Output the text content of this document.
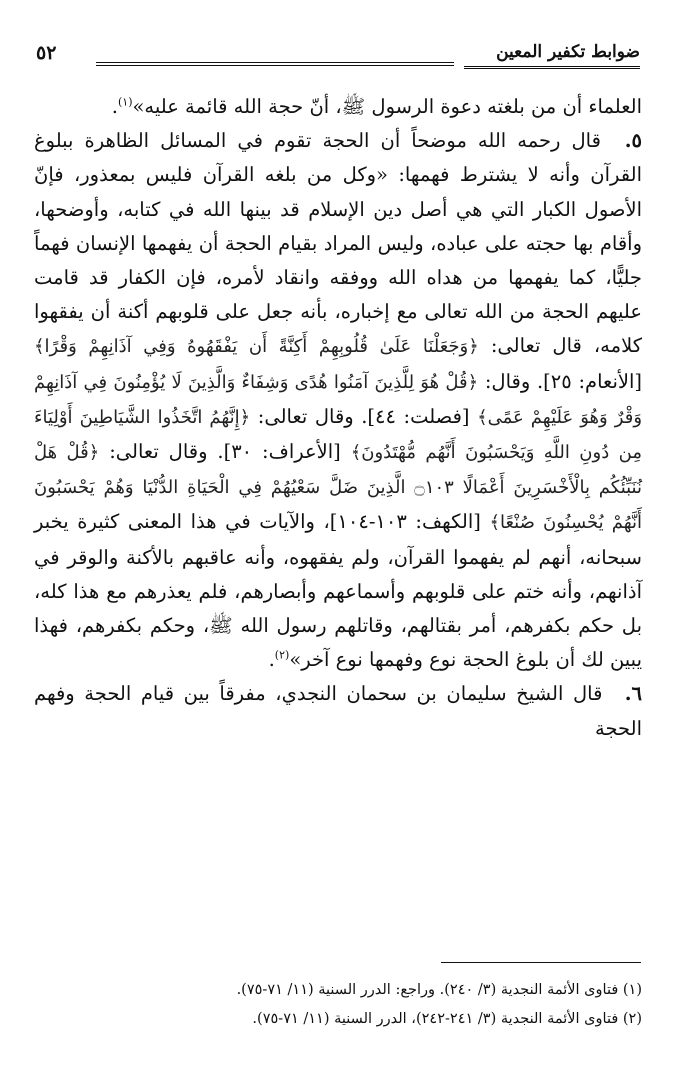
ضوابط تكفير المعين
٥٢

العلماء أن من بلغته دعوة الرسول ﷺ، أنّ حجة الله قائمة عليه»$^{(١)}$.

٥. قال رحمه الله موضحاً أن الحجة تقوم في المسائل الظاهرة ببلوغ القرآن وأنه لا يشترط فهمها: «وكل من بلغه القرآن فليس بمعذور، فإنّ الأصول الكبار التي هي أصل دين الإسلام قد بينها الله في كتابه، وأوضحها، وأقام بها حجته على عباده، وليس المراد بقيام الحجة أن يفهمها الإنسان فهماً جليًّا، كما يفهمها من هداه الله ووفقه وانقاد لأمره، فإن الكفار قد قامت عليهم الحجة من الله تعالى مع إخباره، بأنه جعل على قلوبهم أكنة أن يفقهوا كلامه، قال تعالى: ﴿وَجَعَلْنَا عَلَىٰ قُلُوبِهِمْ أَكِنَّةً أَن يَفْقَهُوهُ وَفِي آذَانِهِمْ وَقْرًا﴾ [الأنعام: ٢٥]. وقال: ﴿قُلْ هُوَ لِلَّذِينَ آمَنُوا هُدًى وَشِفَاءٌ وَالَّذِينَ لَا يُؤْمِنُونَ فِي آذَانِهِمْ وَقْرٌ وَهُوَ عَلَيْهِمْ عَمًى﴾ [فصلت: ٤٤]. وقال تعالى: ﴿إِنَّهُمُ اتَّخَذُوا الشَّيَاطِينَ أَوْلِيَاءَ مِن دُونِ اللَّهِ وَيَحْسَبُونَ أَنَّهُم مُّهْتَدُونَ﴾ [الأعراف: ٣٠]. وقال تعالى: ﴿قُلْ هَلْ نُنَبِّئُكُم بِالْأَخْسَرِينَ أَعْمَالًا ۝١٠٣ الَّذِينَ ضَلَّ سَعْيُهُمْ فِي الْحَيَاةِ الدُّنْيَا وَهُمْ يَحْسَبُونَ أَنَّهُمْ يُحْسِنُونَ صُنْعًا﴾ [الكهف: ١٠٣-١٠٤]، والآيات في هذا المعنى كثيرة يخبر سبحانه، أنهم لم يفهموا القرآن، ولم يفقهوه، وأنه عاقبهم بالأكنة والوقر في آذانهم، وأنه ختم على قلوبهم وأسماعهم وأبصارهم، فلم يعذرهم مع هذا كله، بل حكم بكفرهم، أمر بقتالهم، وقاتلهم رسول الله ﷺ، وحكم بكفرهم، فهذا يبين لك أن بلوغ الحجة نوع وفهمها نوع آخر»$^{(٢)}$.

٦. قال الشيخ سليمان بن سحمان النجدي، مفرقاً بين قيام الحجة وفهم الحجة

(١) فتاوى الأئمة النجدية (٣/ ٢٤٠). وراجع: الدرر السنية (١١/ ٧١-٧٥).

(٢) فتاوى الأئمة النجدية (٣/ ٢٤١-٢٤٢)، الدرر السنية (١١/ ٧١-٧٥).
